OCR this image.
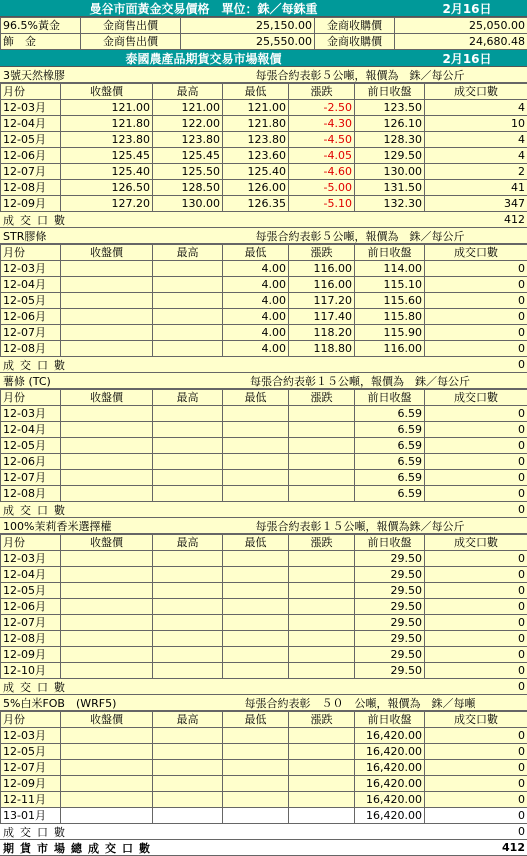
曼谷市面黃金交易價格　單位：銖／每銖重	2月16日
96.5%黃金	金商售出價	25,150.00	金商收購價	25,050.00
飾　金	金商售出價	25,550.00	金商收購價	24,680.48
泰國農產品期貨交易市場報價	2月16日
3號天然橡膠	每張合約表彰５公噸，報價為　銖／每公斤
月份	收盤價	最高	最低	漲跌	前日收盤	成交口數
12-03月	121.00	121.00	121.00	-2.50	123.50	4
12-04月	121.80	122.00	121.80	-4.30	126.10	10
12-05月	123.80	123.80	123.80	-4.50	128.30	4
12-06月	125.45	125.45	123.60	-4.05	129.50	4
12-07月	125.40	125.50	125.40	-4.60	130.00	2
12-08月	126.50	128.50	126.00	-5.00	131.50	41
12-09月	127.20	130.00	126.35	-5.10	132.30	347
成交口數	412
STR膠條	每張合約表彰５公噸，報價為　銖／每公斤
月份	收盤價	最高	最低	漲跌	前日收盤	成交口數
12-03月			4.00	116.00	114.00	0
12-04月			4.00	116.00	115.10	0
12-05月			4.00	117.20	115.60	0
12-06月			4.00	117.40	115.80	0
12-07月			4.00	118.20	115.90	0
12-08月			4.00	118.80	116.00	0
成交口數	0
薯條 (TC)	每張合約表彰１５公噸，報價為　銖／每公斤
月份	收盤價	最高	最低	漲跌	前日收盤	成交口數
12-03月					6.59	0
12-04月					6.59	0
12-05月					6.59	0
12-06月					6.59	0
12-07月					6.59	0
12-08月					6.59	0
成交口數	0
100%茉莉香米選擇權	每張合約表彰１５公噸，報價為銖／每公斤
月份	收盤價	最高	最低	漲跌	前日收盤	成交口數
12-03月					29.50	0
12-04月					29.50	0
12-05月					29.50	0
12-06月					29.50	0
12-07月					29.50	0
12-08月					29.50	0
12-09月					29.50	0
12-10月					29.50	0
成交口數	0
5%白米FOB　(WRF5)	每張合約表彰　５０　公噸，報價為　銖／每噸
月份	收盤價	最高	最低	漲跌	前日收盤	成交口數
12-03月					16,420.00	0
12-05月					16,420.00	0
12-07月					16,420.00	0
12-09月					16,420.00	0
12-11月					16,420.00	0
13-01月					16,420.00	0
成交口數	0
期貨市場總成交口數	412
